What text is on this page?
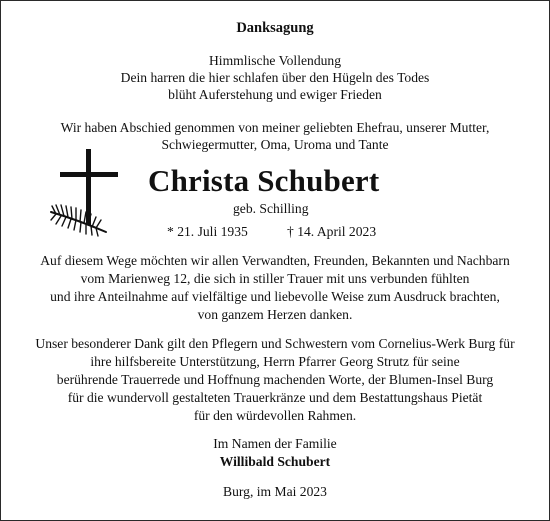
Danksagung
Himmlische Vollendung
Dein harren die hier schlafen über den Hügeln des Todes
blüht Auferstehung und ewiger Frieden
Wir haben Abschied genommen von meiner geliebten Ehefrau, unserer Mutter,
Schwiegermutter, Oma, Uroma und Tante
Christa Schubert
geb. Schilling
* 21. Juli 1935	† 14. April 2023
Auf diesem Wege möchten wir allen Verwandten, Freunden, Bekannten und Nachbarn
vom Marienweg 12, die sich in stiller Trauer mit uns verbunden fühlten
und ihre Anteilnahme auf vielfältige und liebevolle Weise zum Ausdruck brachten,
von ganzem Herzen danken.
Unser besonderer Dank gilt den Pflegern und Schwestern vom Cornelius-Werk Burg für
ihre hilfsbereite Unterstützung, Herrn Pfarrer Georg Strutz für seine
berührende Trauerrede und Hoffnung machenden Worte, der Blumen-Insel Burg
für die wundervoll gestalteten Trauerkränze und dem Bestattungshaus Pietät
für den würdevollen Rahmen.
Im Namen der Familie
Willibald Schubert
Burg, im Mai 2023
